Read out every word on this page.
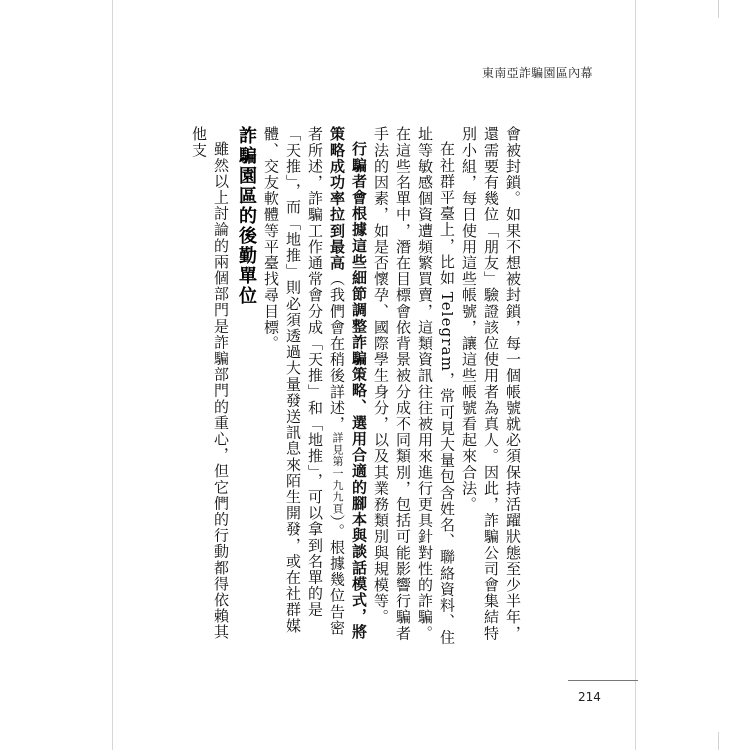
東南亞詐騙園區內幕

會被封鎖。如果不想被封鎖，每一個帳號就必須保持活躍狀態至少半年，還需要有幾位「朋友」驗證該位使用者為真人。因此，詐騙公司會集結特別小組，每日使用這些帳號，讓這些帳號看起來合法。

在社群平臺上，比如 Telegram，常可見大量包含姓名、聯絡資料、住址等敏感個資遭頻繁買賣，這類資訊往往被用來進行更具針對性的詐騙。在這些名單中，潛在目標會依背景被分成不同類別，包括可能影響行騙者手法的因素，如是否懷孕、國際學生身分，以及其業務類別與規模等。

行騙者會根據這些細節調整詐騙策略、選用合適的腳本與談話模式，將策略成功率拉到最高（我們會在稍後詳述，詳見第一九九頁）。根據幾位告密者所述，詐騙工作通常會分成「天推」和「地推」，可以拿到名單的是「天推」，而「地推」則必須透過大量發送訊息來陌生開發，或在社群媒體、交友軟體等平臺找尋目標。

詐騙園區的後勤單位

雖然以上討論的兩個部門是詐騙部門的重心，但它們的行動都得依賴其他支

214
